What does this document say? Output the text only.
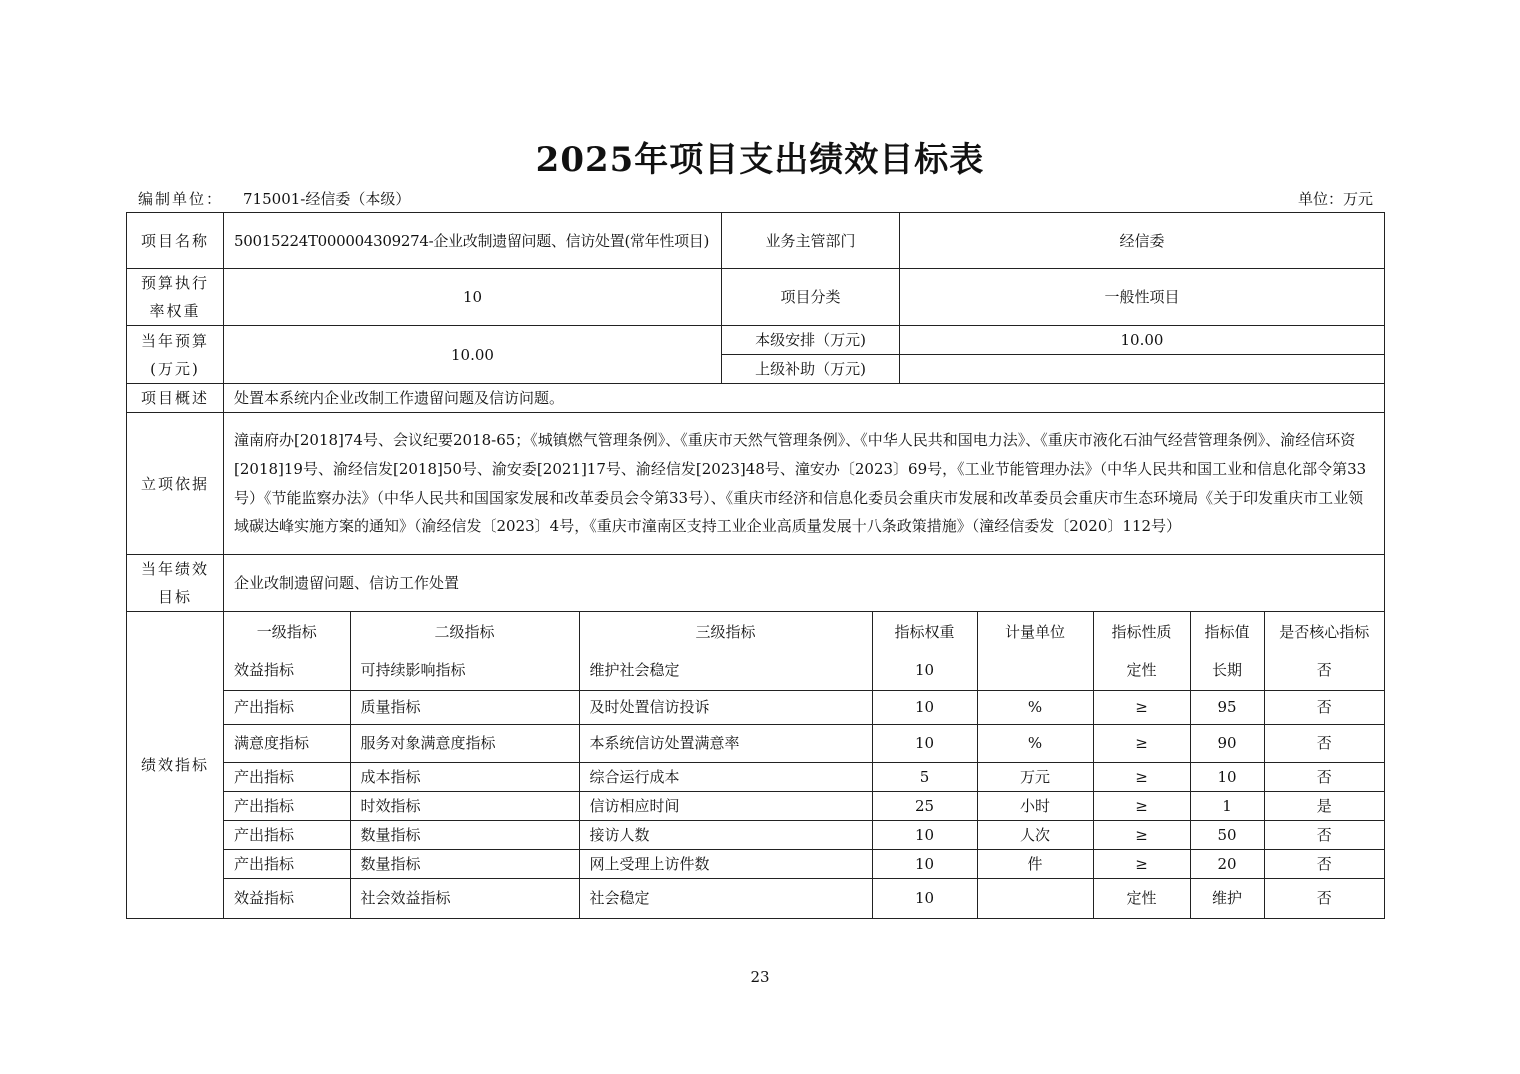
2025年项目支出绩效目标表
编制单位： 715001-经信委（本级）	单位：万元
项目名称	50015224T000004309274-企业改制遗留问题、信访处置(常年性项目)	业务主管部门	经信委
预算执行率权重	10	项目分类	一般性项目
当年预算(万元)	10.00	本级安排（万元)	10.00
上级补助（万元)	
项目概述	处置本系统内企业改制工作遗留问题及信访问题。
立项依据	潼南府办[2018]74号、会议纪要2018-65；《城镇燃气管理条例》、《重庆市天然气管理条例》、《中华人民共和国电力法》、《重庆市液化石油气经营管理条例》、渝经信环资[2018]19号、渝经信发[2018]50号、渝安委[2021]17号、渝经信发[2023]48号、潼安办〔2023〕69号，《工业节能管理办法》（中华人民共和国工业和信息化部令第33号）《节能监察办法》（中华人民共和国国家发展和改革委员会令第33号）、《重庆市经济和信息化委员会重庆市发展和改革委员会重庆市生态环境局《关于印发重庆市工业领域碳达峰实施方案的通知》（渝经信发〔2023〕4号，《重庆市潼南区支持工业企业高质量发展十八条政策措施》（潼经信委发〔2020〕112号）
当年绩效目标	企业改制遗留问题、信访工作处置
绩效指标	
一级指标	二级指标	三级指标	指标权重	计量单位	指标性质	指标值	是否核心指标
效益指标	可持续影响指标	维护社会稳定	10		定性	长期	否
产出指标	质量指标	及时处置信访投诉	10	%	≥	95	否
满意度指标	服务对象满意度指标	本系统信访处置满意率	10	%	≥	90	否
产出指标	成本指标	综合运行成本	5	万元	≥	10	否
产出指标	时效指标	信访相应时间	25	小时	≥	1	是
产出指标	数量指标	接访人数	10	人次	≥	50	否
产出指标	数量指标	网上受理上访件数	10	件	≥	20	否
效益指标	社会效益指标	社会稳定	10		定性	维护	否
23
